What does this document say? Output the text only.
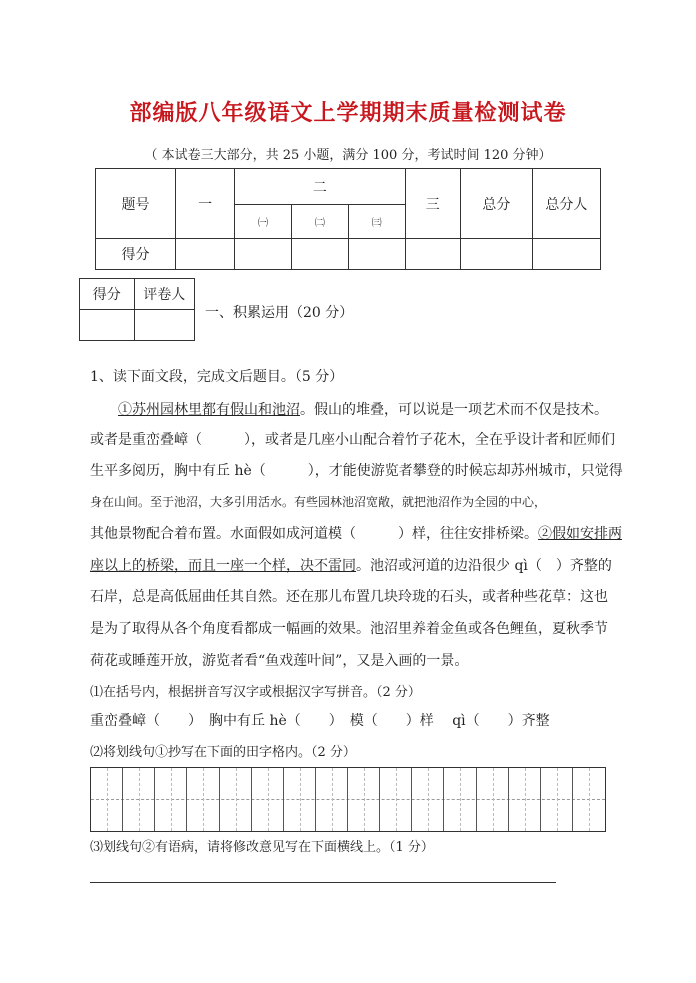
部编版八年级语文上学期期末质量检测试卷
（ 本试卷三大部分，共 25 小题，满分 100 分，考试时间 120 分钟）
题号	一	二			三	总分	总分人
		㈠	㈡	㈢			
得分							
得分	评卷人

一、积累运用（20 分）
1、读下面文段，完成文后题目。（5 分）
　　①苏州园林里都有假山和池沼。假山的堆叠，可以说是一项艺术而不仅是技术。
或者是重峦叠嶂（　　　），或者是几座小山配合着竹子花木，全在乎设计者和匠师们
生平多阅历，胸中有丘 hè（　　　），才能使游览者攀登的时候忘却苏州城市，只觉得
身在山间。至于池沼，大多引用活水。有些园林池沼宽敞，就把池沼作为全园的中心，
其他景物配合着布置。水面假如成河道模（　　　）样，往往安排桥梁。②假如安排两
座以上的桥梁，而且一座一个样，决不雷同。池沼或河道的边沿很少 qì（　）齐整的
石岸，总是高低屈曲任其自然。还在那儿布置几块玲珑的石头，或者种些花草：这也
是为了取得从各个角度看都成一幅画的效果。池沼里养着金鱼或各色鲤鱼，夏秋季节
荷花或睡莲开放，游览者看“鱼戏莲叶间”，又是入画的一景。
⑴在括号内，根据拼音写汉字或根据汉字写拼音。（2 分）
重峦叠嶂（　　）　胸中有丘 hè（　　）　模（　　）样　 qì（　　）齐整
⑵将划线句①抄写在下面的田字格内。（2 分）
⑶划线句②有语病，请将修改意见写在下面横线上。（1 分）
